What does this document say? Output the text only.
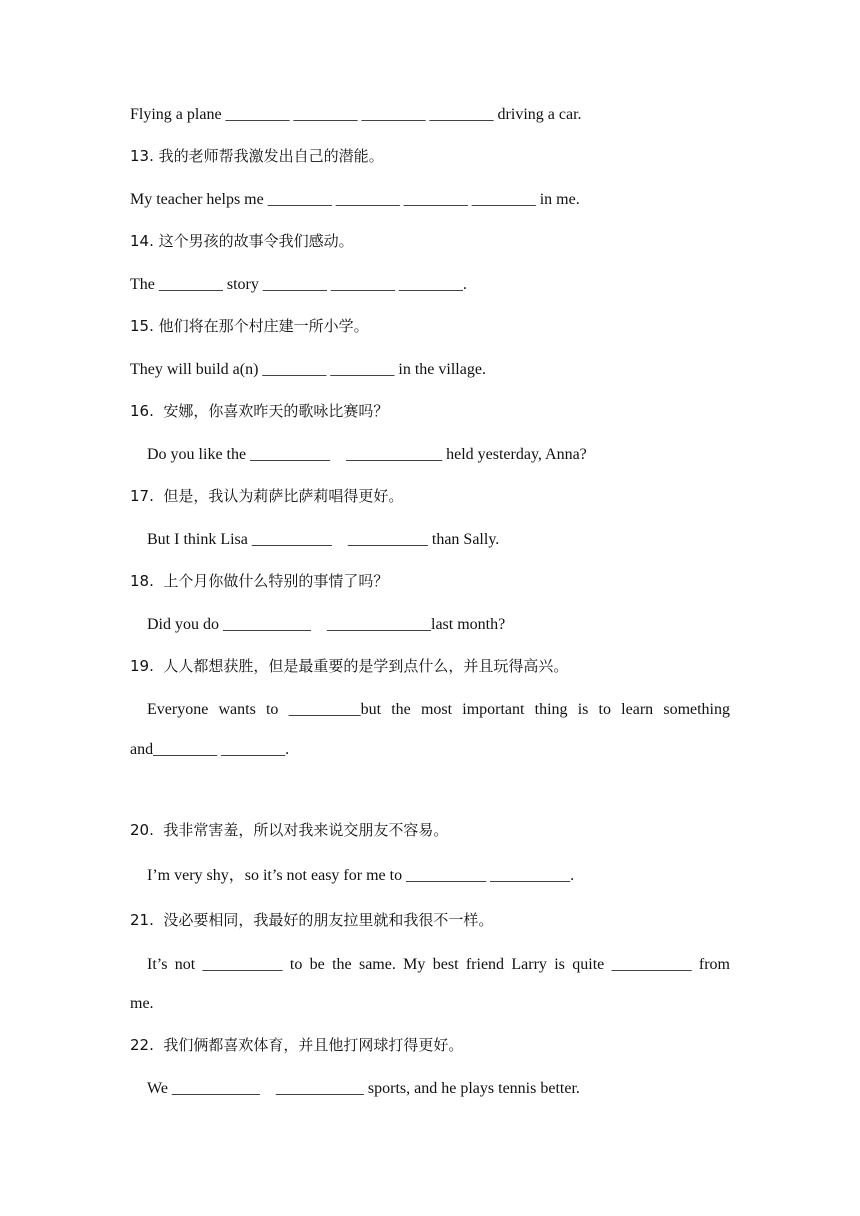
Flying a plane ________ ________ ________ ________ driving a car.
13. 我的老师帮我激发出自己的潜能。
My teacher helps me ________ ________ ________ ________ in me.
14. 这个男孩的故事令我们感动。
The ________ story ________ ________ ________.
15. 他们将在那个村庄建一所小学。
They will build a(n) ________ ________ in the village.
16.  安娜，你喜欢昨天的歌咏比赛吗？
Do you like the __________    ____________ held yesterday, Anna?
17.  但是，我认为莉萨比萨莉唱得更好。
But I think Lisa __________    __________ than Sally.
18.  上个月你做什么特别的事情了吗？
Did you do ___________    _____________last month?
19.  人人都想获胜，但是最重要的是学到点什么，并且玩得高兴。
Everyone wants to _________but the most important thing is to learn something
and________ ________.
20.  我非常害羞，所以对我来说交朋友不容易。
I’m very shy，so it’s not easy for me to __________ __________.
21.  没必要相同，我最好的朋友拉里就和我很不一样。
It’s not __________ to be the same. My best friend Larry is quite __________ from
me.
22.  我们俩都喜欢体育，并且他打网球打得更好。
We ___________    ___________ sports, and he plays tennis better.
